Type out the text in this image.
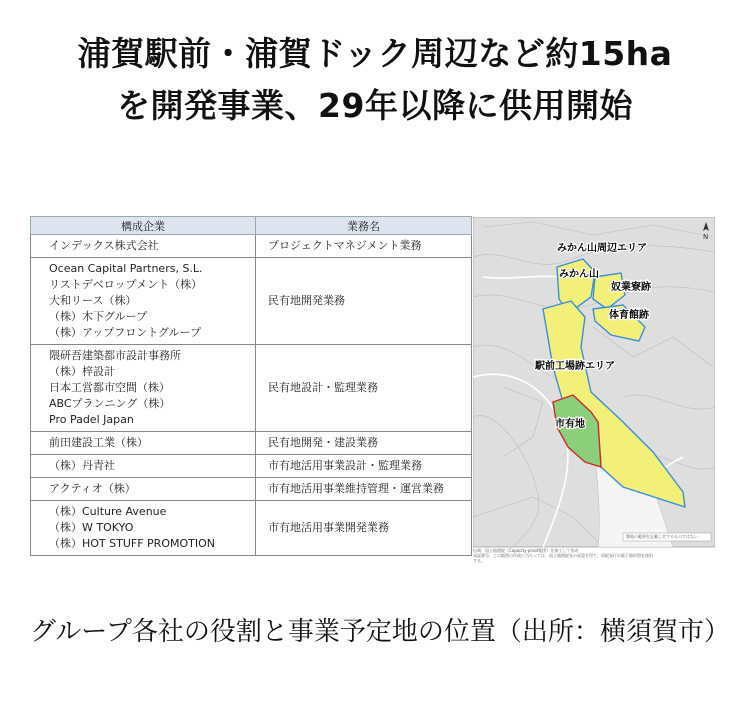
浦賀駅前・浦賀ドック周辺など約15ha
を開発事業、29年以降に供用開始
構成企業	業務名

インデックス株式会社	プロジェクトマネジメント業務

Ocean Capital Partners, S.L.
リストデベロップメント（株）
大和リース（株）
（株）木下グループ
（株）アップフロントグループ	民有地開発業務

隈研吾建築都市設計事務所
（株）梓設計
日本工営都市空間（株）
ABCプランニング（株）
Pro Padel Japan	民有地設計・監理業務

前田建設工業（株）	民有地開発・建設業務

（株）丹青社	市有地活用事業設計・監理業務

アクティオ（株）	市有地活用事業維持管理・運営業務

（株）Culture Avenue
（株）W TOKYO
（株）HOT STUFF PROMOTION	市有地活用事業開発業務
N
みかん山周辺エリア
みかん山
奴業寮跡
体育館跡
駅前工場跡エリア
市有地
整地の範囲を記載し定するものではない
出典：国土地理院（Capacity-proof地図）を加工して作成
承認番号：この地図の作成に当たっては、国土地理院長の承認を得て、同院発行の電子地形図を使用
する。
グループ各社の役割と事業予定地の位置（出所：横須賀市）
